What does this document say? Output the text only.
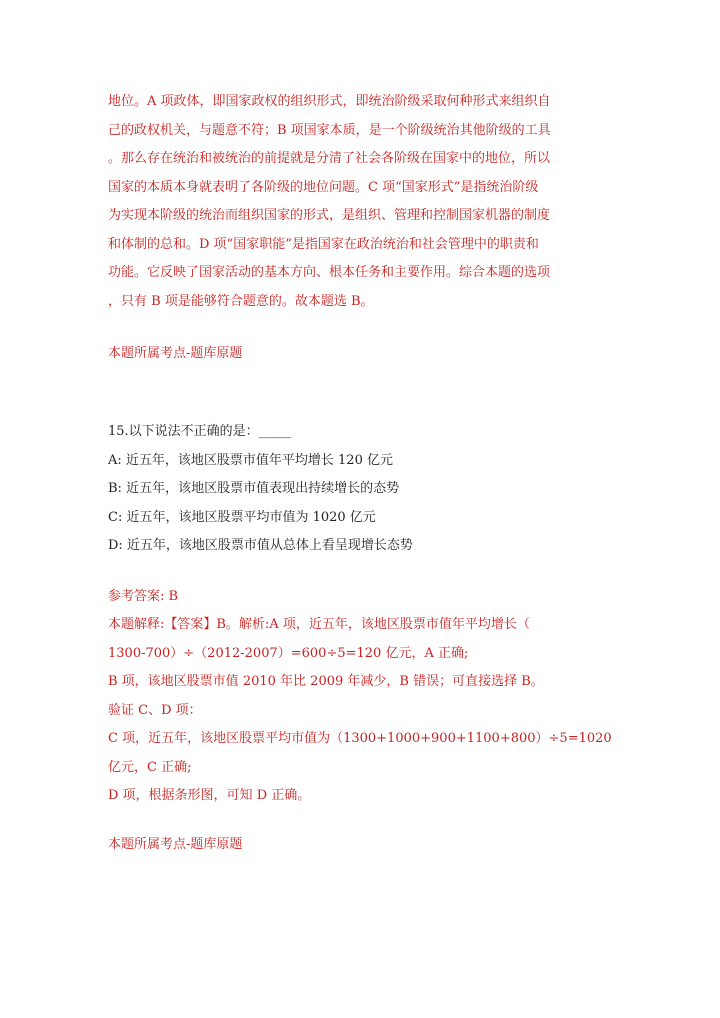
地位。A 项政体，即国家政权的组织形式，即统治阶级采取何种形式来组织自
己的政权机关，与题意不符；B 项国家本质，是一个阶级统治其他阶级的工具
。那么存在统治和被统治的前提就是分清了社会各阶级在国家中的地位，所以
国家的本质本身就表明了各阶级的地位问题。C 项“国家形式”是指统治阶级
为实现本阶级的统治而组织国家的形式，是组织、管理和控制国家机器的制度
和体制的总和。D 项“国家职能”是指国家在政治统治和社会管理中的职责和
功能。它反映了国家活动的基本方向、根本任务和主要作用。综合本题的选项
，只有 B 项是能够符合题意的。故本题选 B。
本题所属考点-题库原题
15.以下说法不正确的是：_____
A: 近五年，该地区股票市值年平均增长 120 亿元
B: 近五年，该地区股票市值表现出持续增长的态势
C: 近五年，该地区股票平均市值为 1020 亿元
D: 近五年，该地区股票市值从总体上看呈现增长态势
参考答案: B
本题解释:【答案】B。解析:A 项，近五年，该地区股票市值年平均增长（
1300-700）÷（2012-2007）=600÷5=120 亿元，A 正确;
B 项，该地区股票市值 2010 年比 2009 年减少，B 错误；可直接选择 B。
验证 C、D 项：
C 项，近五年，该地区股票平均市值为（1300+1000+900+1100+800）÷5=1020
亿元，C 正确;
D 项，根据条形图，可知 D 正确。
本题所属考点-题库原题
